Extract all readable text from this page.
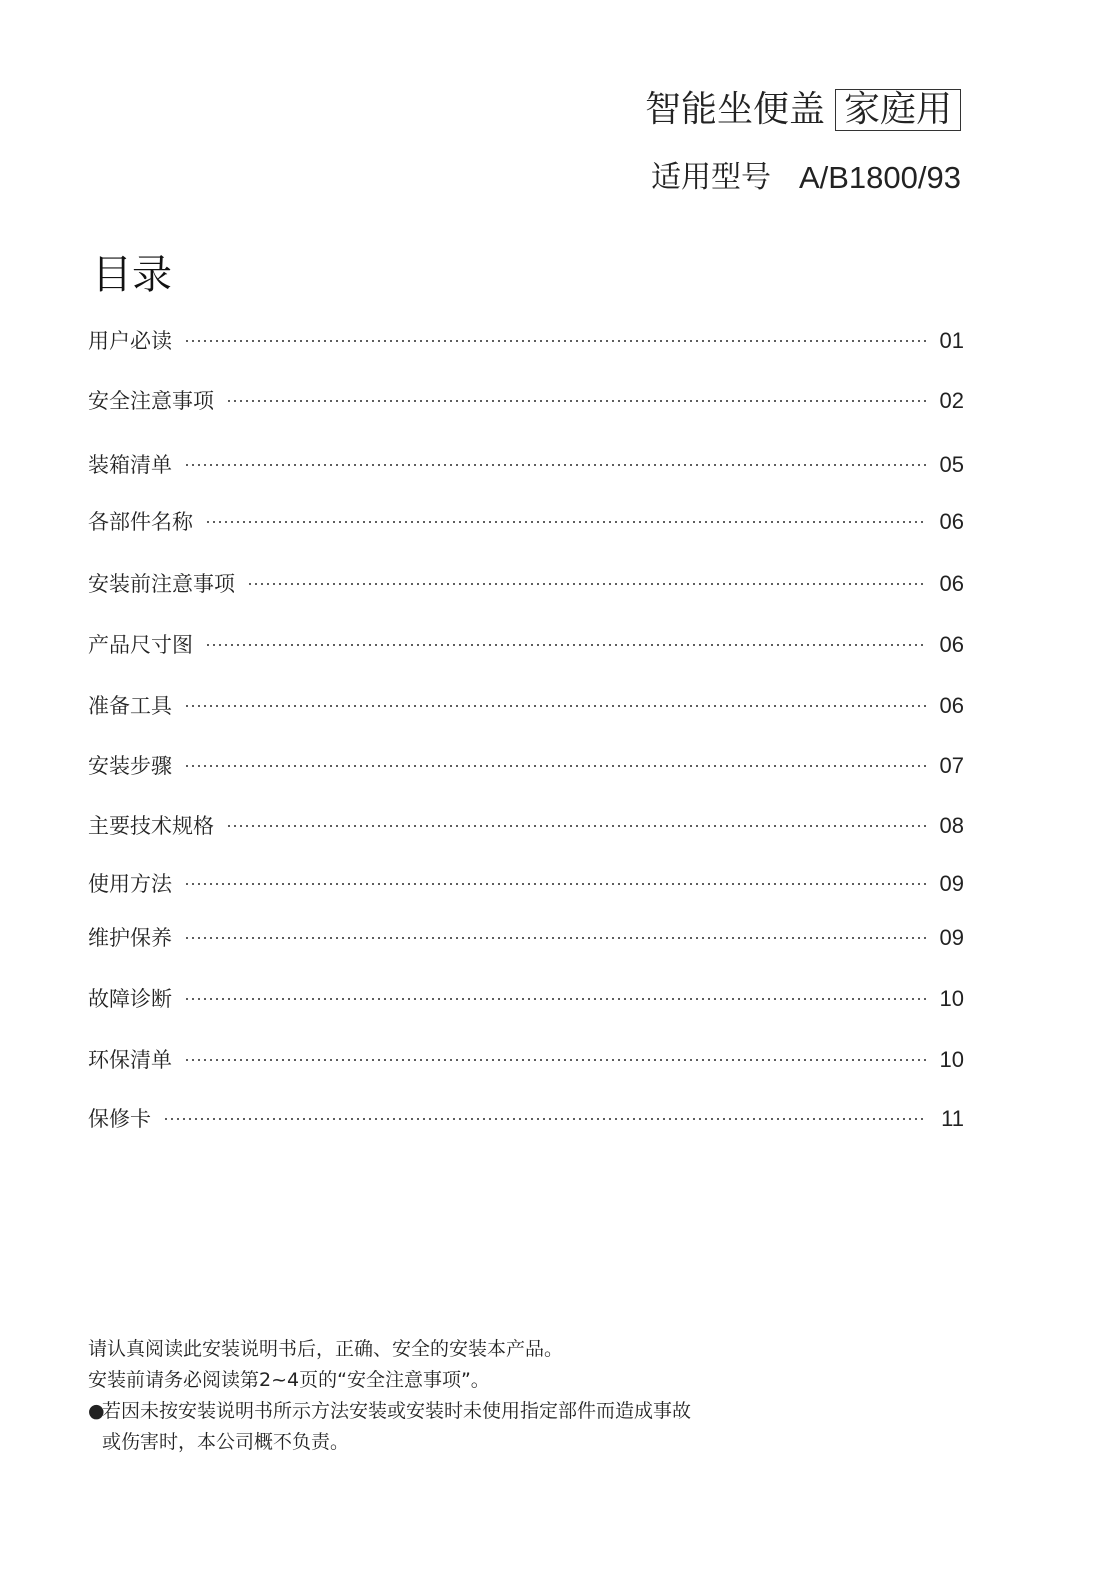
智能坐便盖 家庭用
适用型号 A/B1800/93
目录
用户必读	01
安全注意事项	02
装箱清单	05
各部件名称	06
安装前注意事项	06
产品尺寸图	06
准备工具	06
安装步骤	07
主要技术规格	08
使用方法	09
维护保养	09
故障诊断	10
环保清单	10
保修卡	11
请认真阅读此安装说明书后，正确、安全的安装本产品。
安装前请务必阅读第2~4页的“安全注意事项”。
●
若因未按安装说明书所示方法安装或安装时未使用指定部件而造成事故
或伤害时，本公司概不负责。
